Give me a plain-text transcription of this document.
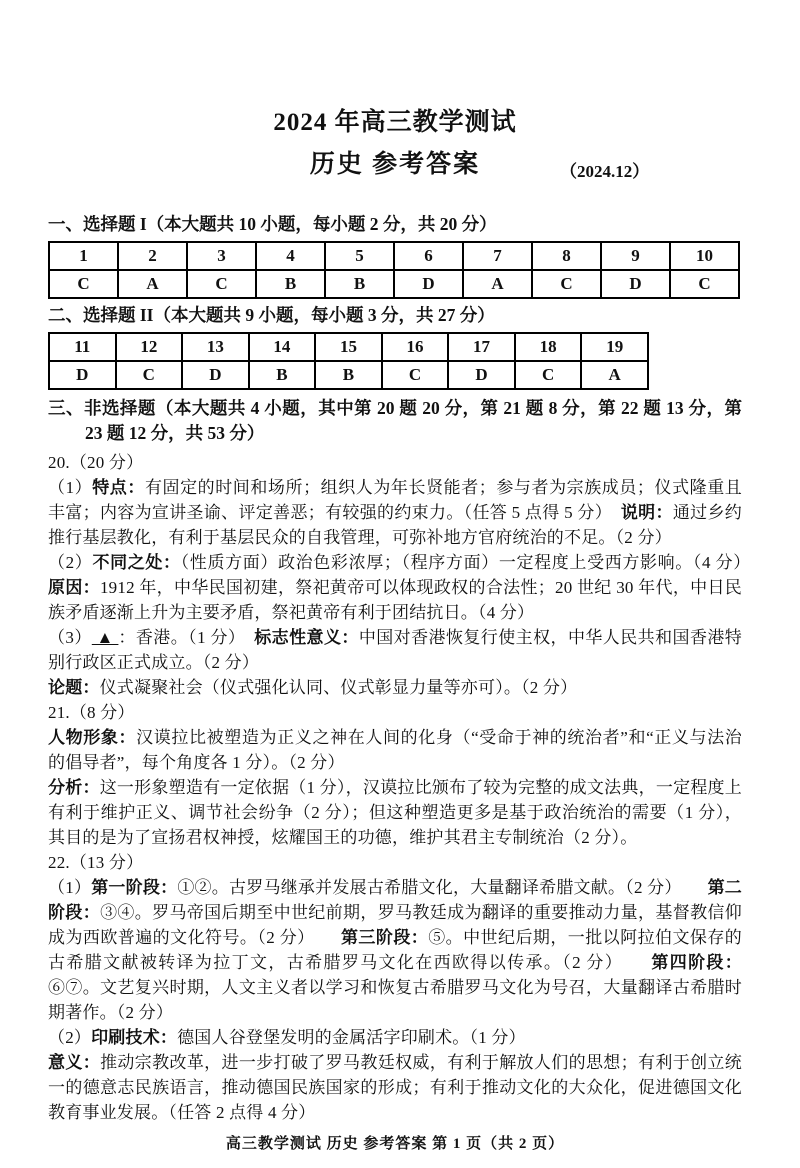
2024 年高三教学测试
历史 参考答案	（2024.12）
一、选择题 I（本大题共 10 小题，每小题 2 分，共 20 分）
1	2	3	4	5	6	7	8	9	10
C	A	C	B	B	D	A	C	D	C
二、选择题 II（本大题共 9 小题，每小题 3 分，共 27 分）
11	12	13	14	15	16	17	18	19
D	C	D	B	B	C	D	C	A
三、非选择题（本大题共 4 小题，其中第 20 题 20 分，第 21 题 8 分，第 22 题 13 分，第 23 题 12 分，共 53 分）
20.（20 分）
（1）特点：有固定的时间和场所；组织人为年长贤能者；参与者为宗族成员；仪式隆重且丰富；内容为宣讲圣谕、评定善恶；有较强的约束力。（任答 5 点得 5 分）　说明：通过乡约推行基层教化，有利于基层民众的自我管理，可弥补地方官府统治的不足。（2 分）
（2）不同之处：（性质方面）政治色彩浓厚；（程序方面）一定程度上受西方影响。（4 分）　原因：1912 年，中华民国初建，祭祀黄帝可以体现政权的合法性；20 世纪 30 年代，中日民族矛盾逐渐上升为主要矛盾，祭祀黄帝有利于团结抗日。（4 分）
（3） ▲ ：香港。（1 分）　标志性意义：中国对香港恢复行使主权，中华人民共和国香港特别行政区正式成立。（2 分）
论题：仪式凝聚社会（仪式强化认同、仪式彰显力量等亦可）。（2 分）
21.（8 分）
人物形象：汉谟拉比被塑造为正义之神在人间的化身（“受命于神的统治者”和“正义与法治的倡导者”，每个角度各 1 分）。（2 分）
分析：这一形象塑造有一定依据（1 分），汉谟拉比颁布了较为完整的成文法典，一定程度上有利于维护正义、调节社会纷争（2 分）；但这种塑造更多是基于政治统治的需要（1 分），其目的是为了宣扬君权神授，炫耀国王的功德，维护其君主专制统治（2 分）。
22.（13 分）
（1）第一阶段：①②。古罗马继承并发展古希腊文化，大量翻译希腊文献。（2 分）　　第二阶段：③④。罗马帝国后期至中世纪前期，罗马教廷成为翻译的重要推动力量，基督教信仰成为西欧普遍的文化符号。（2 分）　　第三阶段：⑤。中世纪后期，一批以阿拉伯文保存的古希腊文献被转译为拉丁文，古希腊罗马文化在西欧得以传承。（2 分）　　第四阶段：⑥⑦。文艺复兴时期，人文主义者以学习和恢复古希腊罗马文化为号召，大量翻译古希腊时期著作。（2 分）
（2）印刷技术：德国人谷登堡发明的金属活字印刷术。（1 分）
意义：推动宗教改革，进一步打破了罗马教廷权威，有利于解放人们的思想；有利于创立统一的德意志民族语言，推动德国民族国家的形成；有利于推动文化的大众化，促进德国文化教育事业发展。（任答 2 点得 4 分）
高三教学测试 历史 参考答案 第 1 页（共 2 页）
